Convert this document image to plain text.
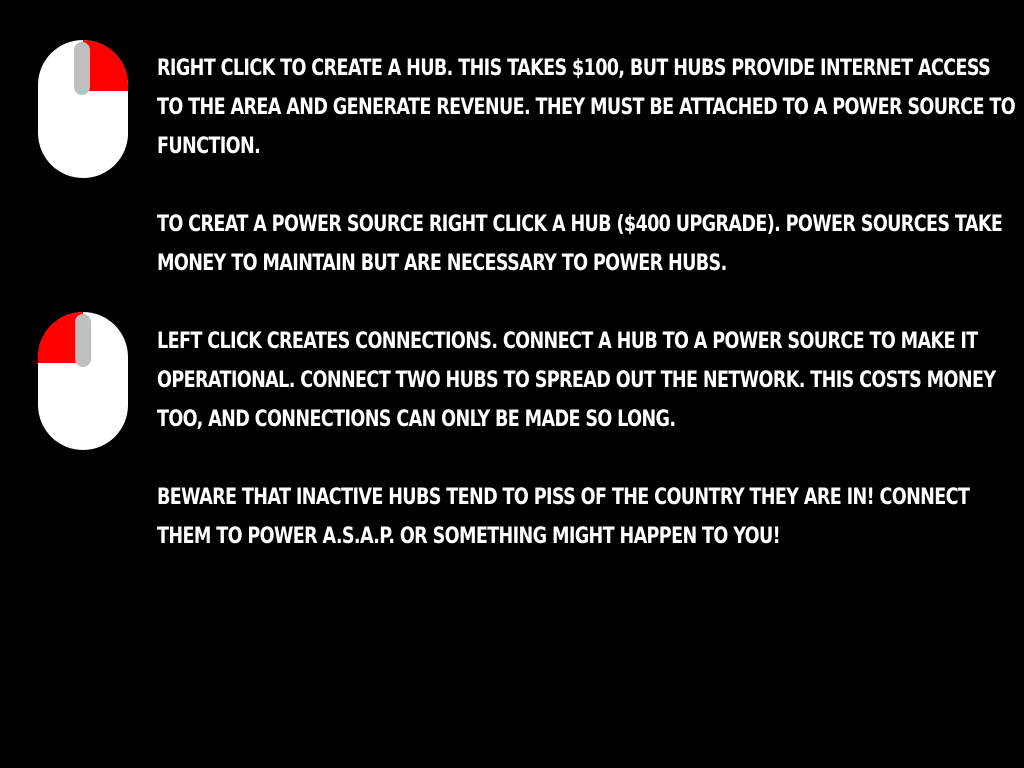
RIGHT CLICK TO CREATE A HUB. THIS TAKES $100, BUT HUBS PROVIDE INTERNET ACCESS TO THE AREA AND GENERATE REVENUE. THEY MUST BE ATTACHED TO A POWER SOURCE TO FUNCTION.

TO CREAT A POWER SOURCE RIGHT CLICK A HUB ($400 UPGRADE). POWER SOURCES TAKE MONEY TO MAINTAIN BUT ARE NECESSARY TO POWER HUBS.

LEFT CLICK CREATES CONNECTIONS. CONNECT A HUB TO A POWER SOURCE TO MAKE IT OPERATIONAL. CONNECT TWO HUBS TO SPREAD OUT THE NETWORK. THIS COSTS MONEY TOO, AND CONNECTIONS CAN ONLY BE MADE SO LONG.

BEWARE THAT INACTIVE HUBS TEND TO PISS OF THE COUNTRY THEY ARE IN! CONNECT THEM TO POWER A.S.A.P. OR SOMETHING MIGHT HAPPEN TO YOU!
